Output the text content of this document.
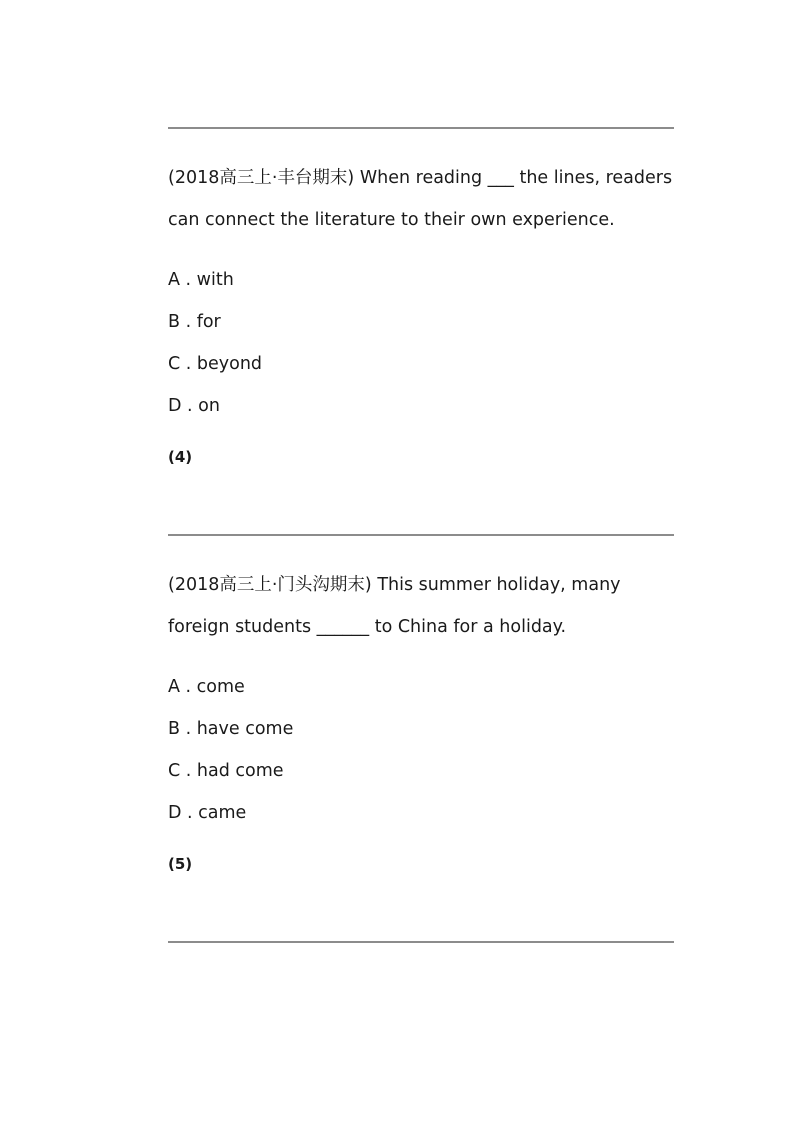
(2018高三上·丰台期末) When reading ___ the lines, readers
can connect the literature to their own experience.

A . with
B . for
C . beyond
D . on
(4)

(2018高三上·门头沟期末) This summer holiday, many
foreign students ______ to China for a holiday.

A . come
B . have come
C . had come
D . came
(5)
